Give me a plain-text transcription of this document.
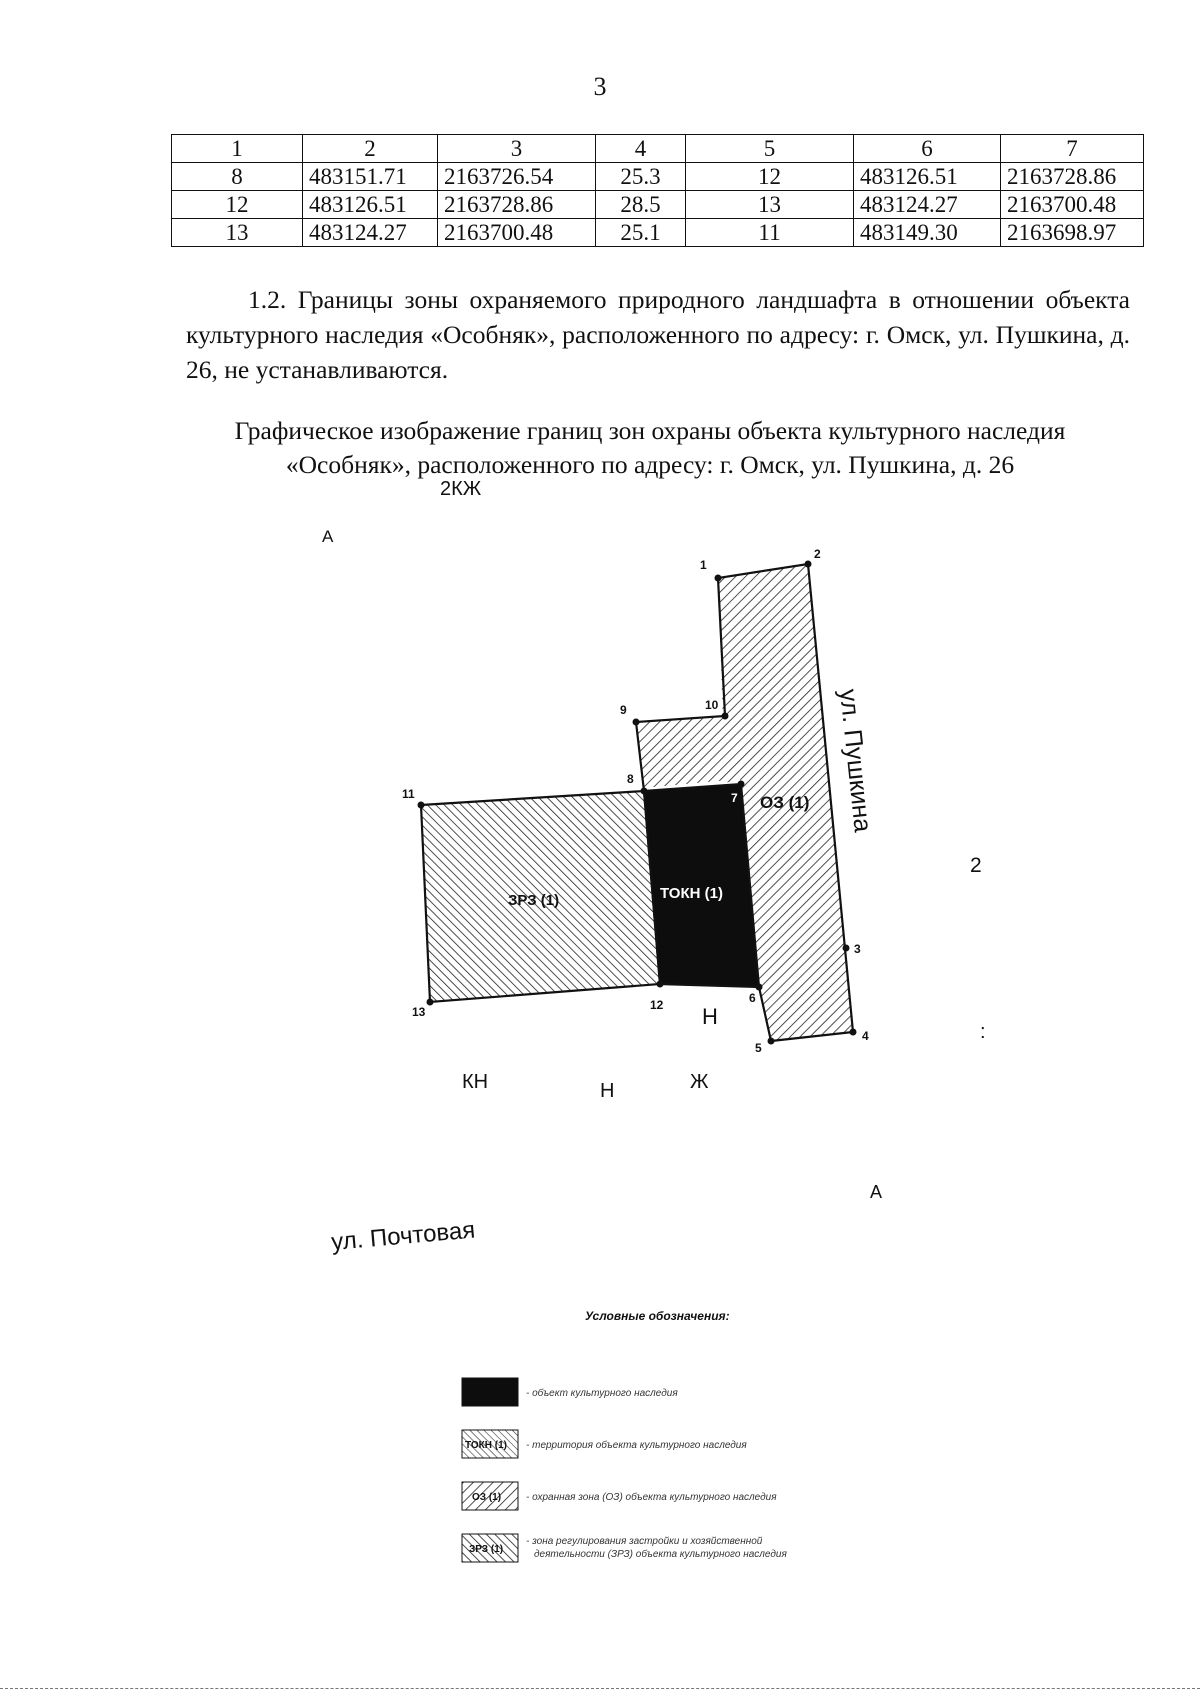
3
1	2	3	4	5	6	7
8	483151.71	2163726.54	25.3	12	483126.51	2163728.86
12	483126.51	2163728.86	28.5	13	483124.27	2163700.48
13	483124.27	2163700.48	25.1	11	483149.30	2163698.97
1.2. Границы зоны охраняемого природного ландшафта в отношении объекта культурного наследия «Особняк», расположенного по адресу: г. Омск, ул. Пушкина, д. 26, не устанавливаются.
Графическое изображение границ зон охраны объекта культурного наследия
«Особняк», расположенного по адресу: г. Омск, ул. Пушкина, д. 26
1
2
3
4
5
6
7
8
9	10
11
12
13
ОЗ (1)
ТОКН (1)
ЗРЗ (1)
2КЖ
А
2
:
Н
КН	Н	Ж
А
ул. Пушкина
ул. Почтовая
Условные обозначения:
- объект культурного наследия
ТОКН (1) - территория объекта культурного наследия
ОЗ (1) - охранная зона (ОЗ) объекта культурного наследия
ЗРЗ (1)
- зона регулирования застройки и хозяйственной
деятельности (ЗРЗ) объекта культурного наследия
